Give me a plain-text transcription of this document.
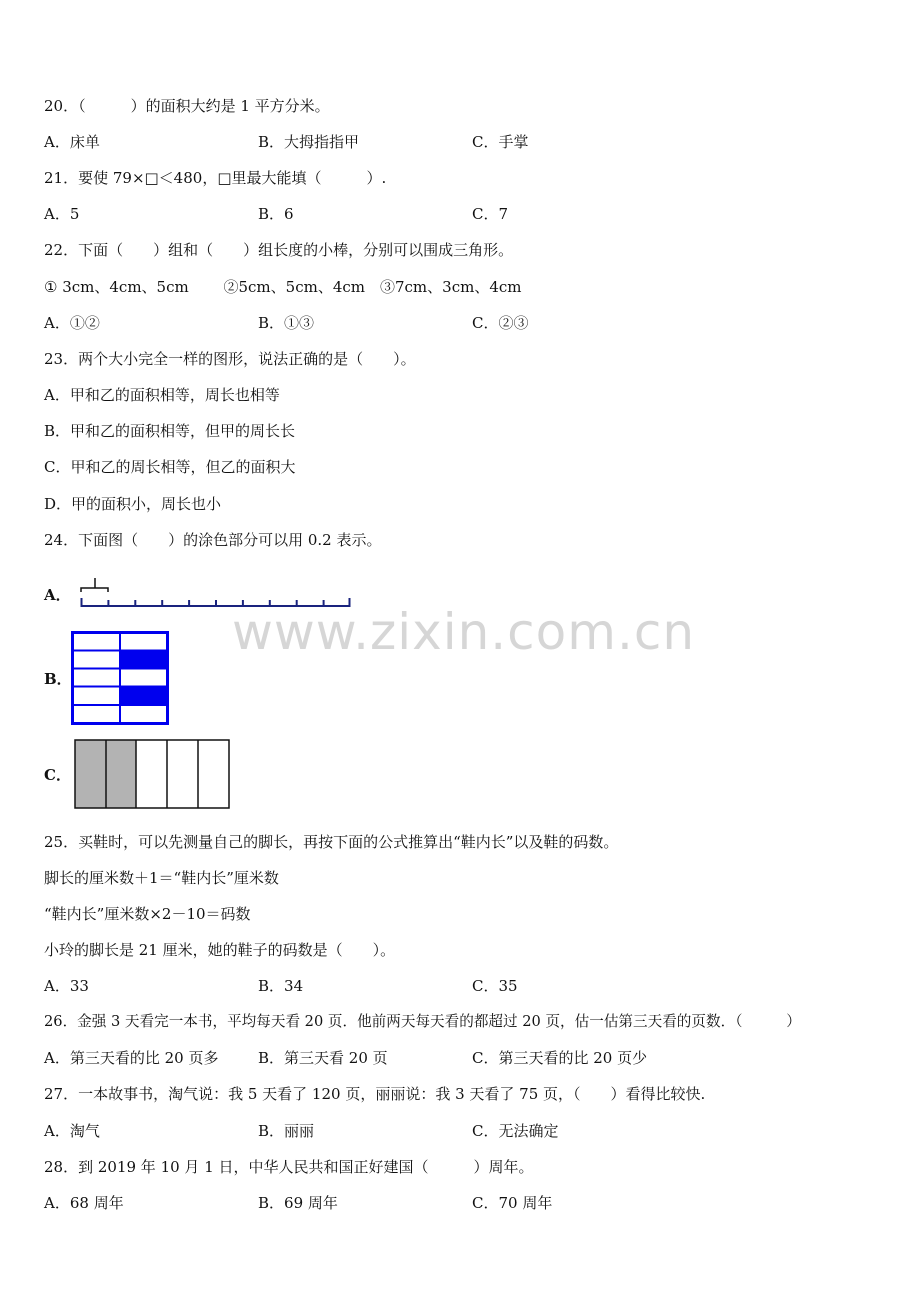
www.zixin.com.cn
20．（　　　）的面积大约是 1 平方分米。
A．床单	B．大拇指指甲	C．手掌
21．要使 79×□＜480，□里最大能填（　　　）.
A．5	B．6	C．7
22．下面（　　）组和（　　）组长度的小棒，分别可以围成三角形。
① 3cm、4cm、5cm　　 ②5cm、5cm、4cm　③7cm、3cm、4cm
A．①②	B．①③	C．②③
23．两个大小完全一样的图形，说法正确的是（　　）。
A．甲和乙的面积相等，周长也相等
B．甲和乙的面积相等，但甲的周长长
C．甲和乙的周长相等，但乙的面积大
D．甲的面积小，周长也小
24．下面图（　　）的涂色部分可以用 0.2 表示。
A．
B．
C．
25．买鞋时，可以先测量自己的脚长，再按下面的公式推算出“鞋内长”以及鞋的码数。
脚长的厘米数＋1＝“鞋内长”厘米数
“鞋内长”厘米数×2－10＝码数
小玲的脚长是 21 厘米，她的鞋子的码数是（　　）。
A．33	B．34	C．35
26．金强 3 天看完一本书，平均每天看 20 页．他前两天每天看的都超过 20 页，估一估第三天看的页数．（　　　）
A．第三天看的比 20 页多	B．第三天看 20 页	C．第三天看的比 20 页少
27．一本故事书，淘气说：我 5 天看了 120 页，丽丽说：我 3 天看了 75 页，（　　）看得比较快.
A．淘气	B．丽丽	C．无法确定
28．到 2019 年 10 月 1 日，中华人民共和国正好建国（　　　）周年。
A．68 周年	B．69 周年	C．70 周年
